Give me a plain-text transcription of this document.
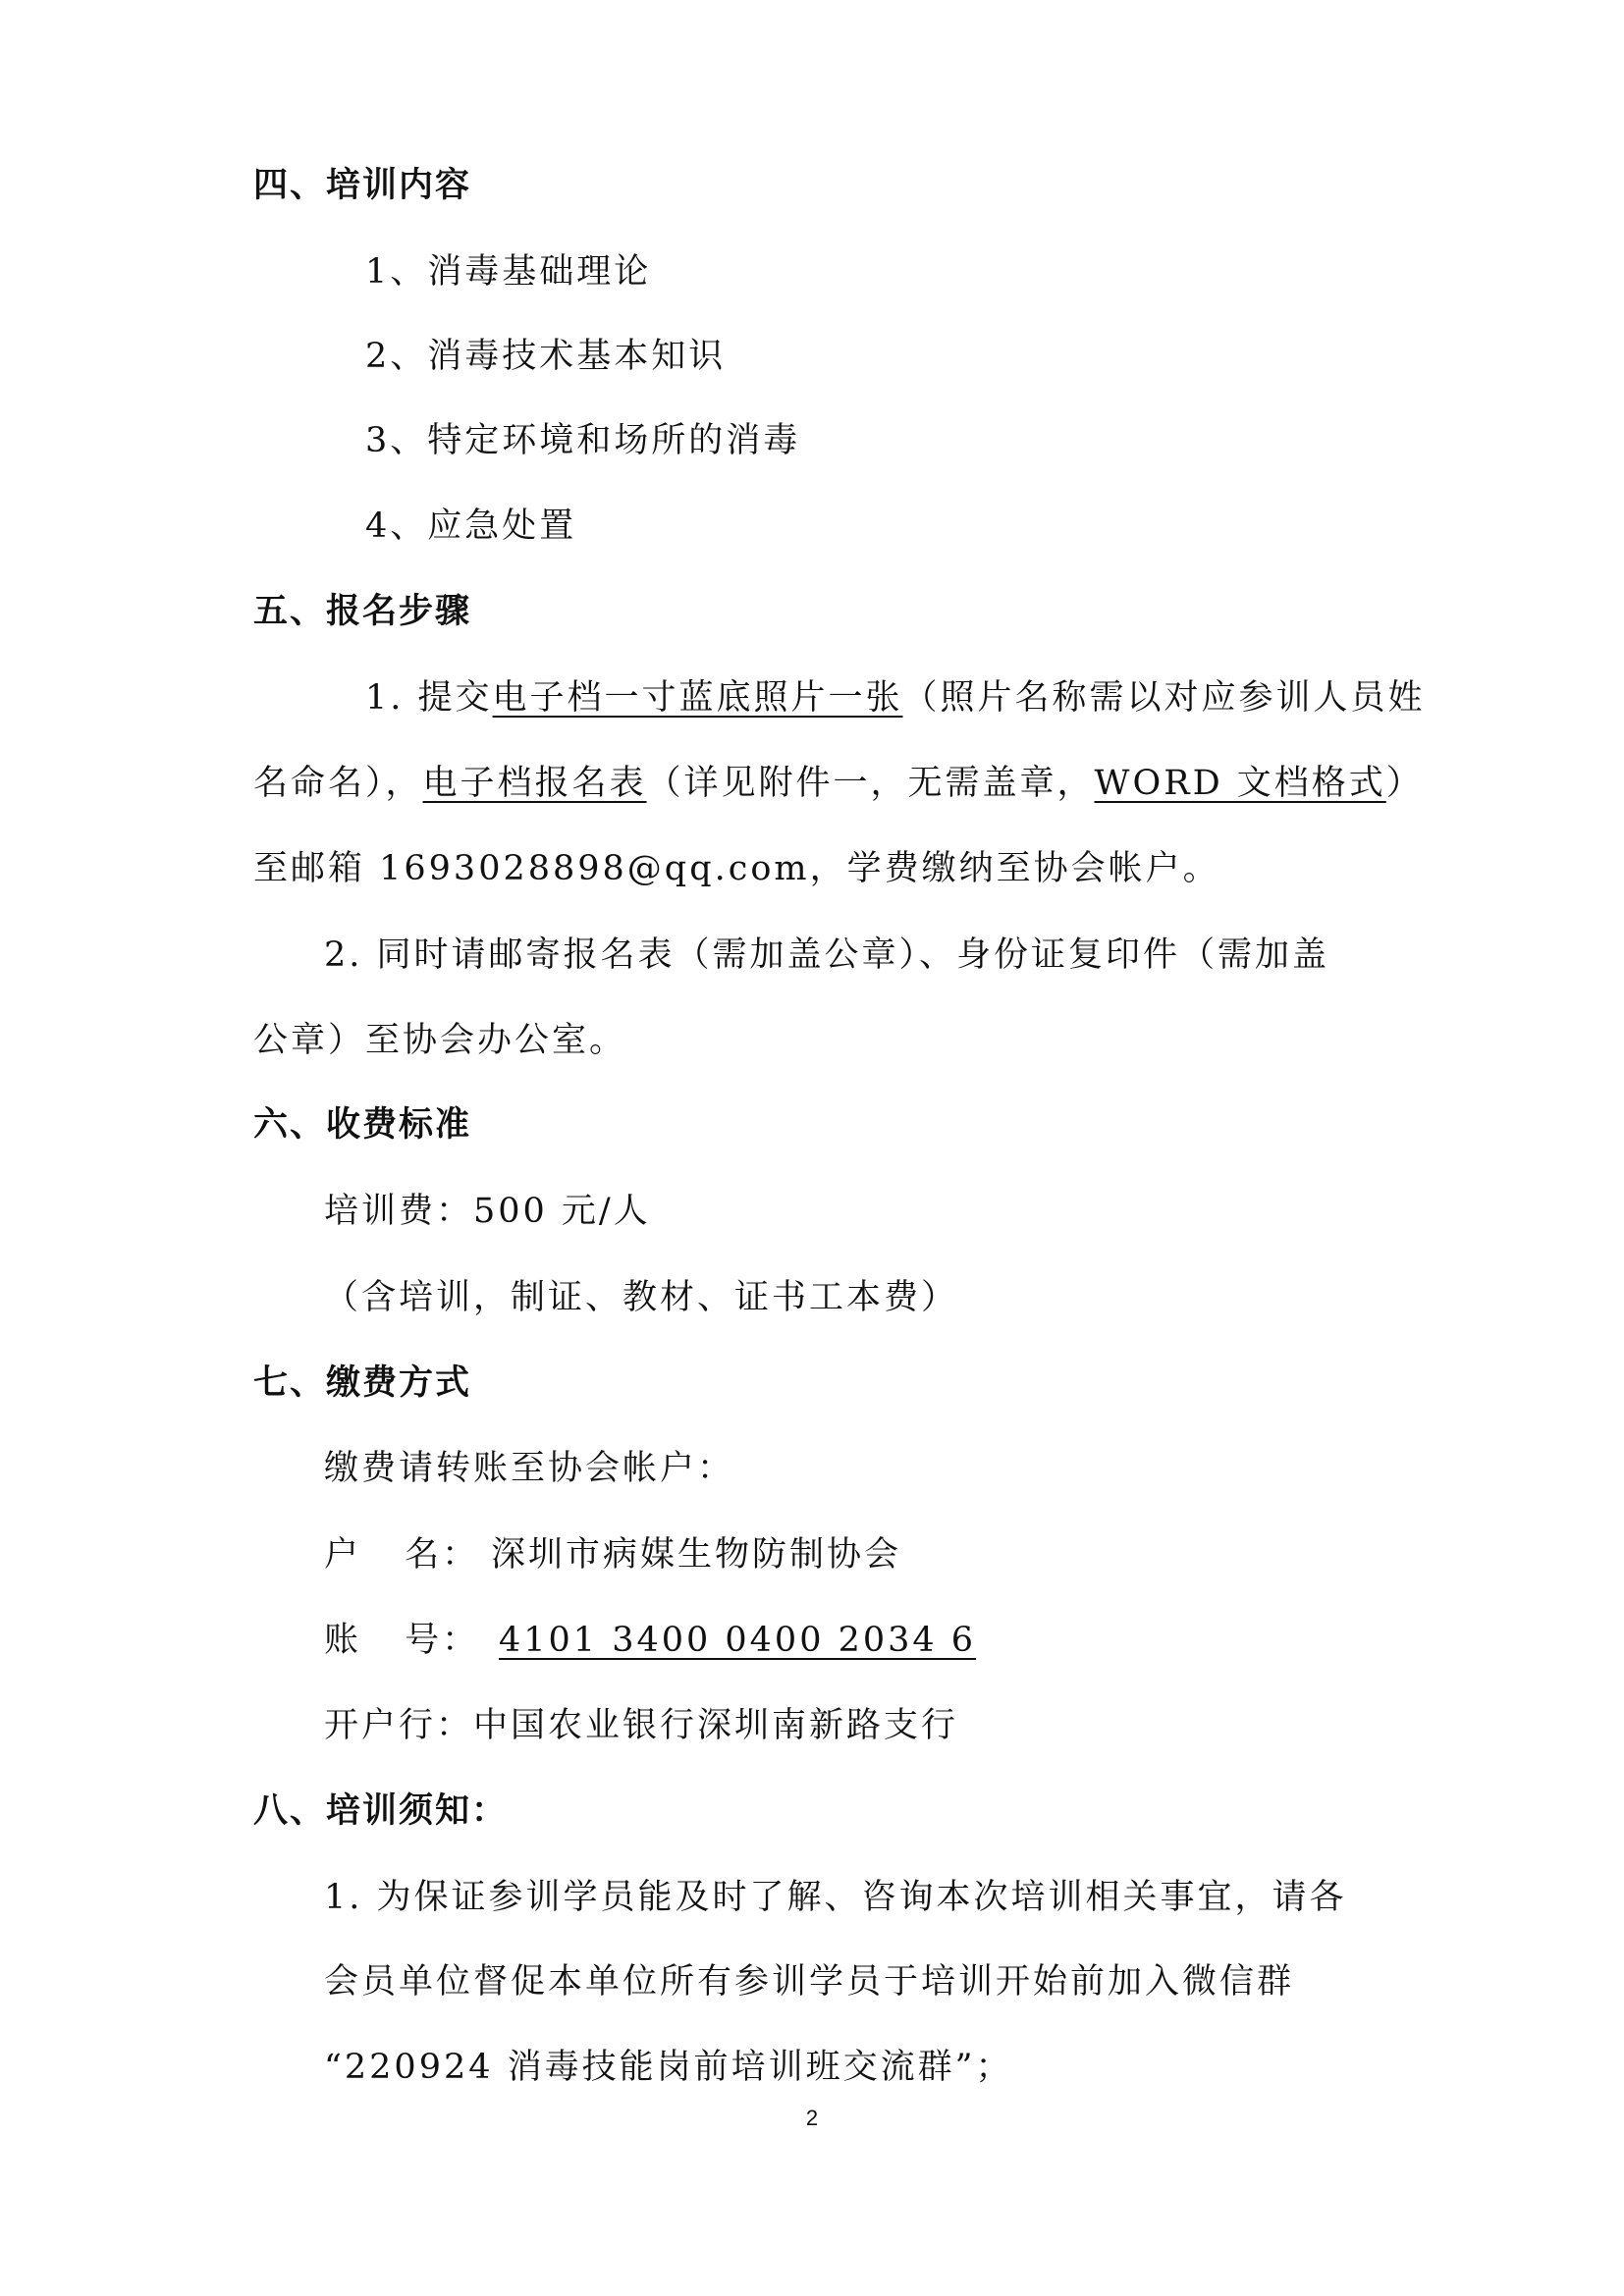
四、培训内容
1、消毒基础理论
2、消毒技术基本知识
3、特定环境和场所的消毒
4、应急处置
五、报名步骤
1. 提交电子档一寸蓝底照片一张（照片名称需以对应参训人员姓
名命名），电子档报名表（详见附件一，无需盖章，WORD 文档格式）
至邮箱 1693028898@qq.com，学费缴纳至协会帐户。
2. 同时请邮寄报名表（需加盖公章）、身份证复印件（需加盖
公章）至协会办公室。
六、收费标准
培训费：500 元/人
（含培训，制证、教材、证书工本费）
七、缴费方式
缴费请转账至协会帐户：
户 名： 深圳市病媒生物防制协会
账 号： 4101 3400 0400 2034 6
开户行：中国农业银行深圳南新路支行
八、培训须知：
1. 为保证参训学员能及时了解、咨询本次培训相关事宜，请各
会员单位督促本单位所有参训学员于培训开始前加入微信群
“220924 消毒技能岗前培训班交流群”；
2
